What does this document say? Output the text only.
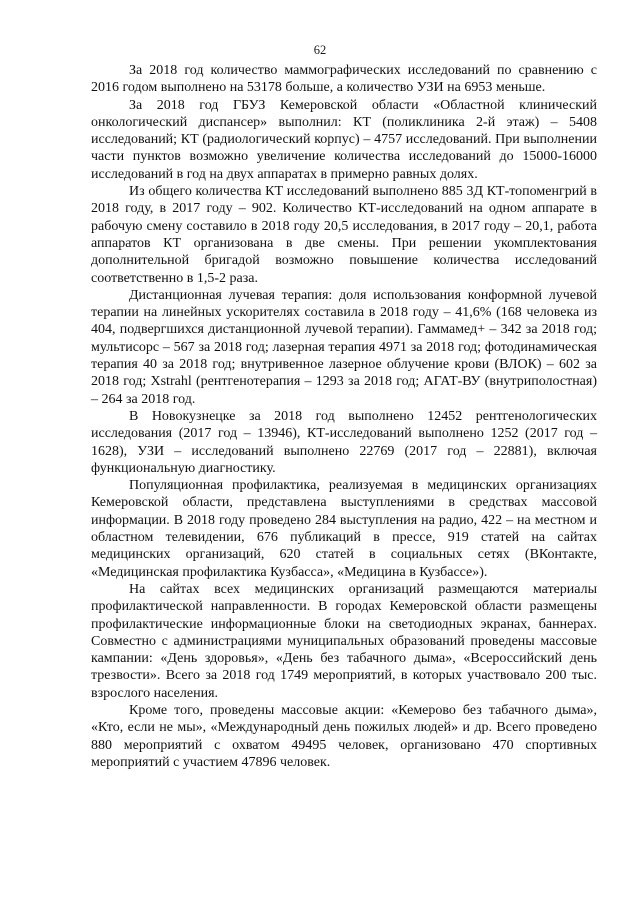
62

За 2018 год количество маммографических исследований по сравнению с 2016 годом выполнено на 53178 больше, а количество УЗИ на 6953 меньше.

За 2018 год ГБУЗ Кемеровской области «Областной клинический онкологический диспансер» выполнил: КТ (поликлиника 2-й этаж) – 5408 исследований; КТ (радиологический корпус) – 4757 исследований. При выполнении части пунктов возможно увеличение количества исследований до 15000-16000 исследований в год на двух аппаратах в примерно равных долях.

Из общего количества КТ исследований выполнено 885 3Д КТ-топоменгрий в 2018 году, в 2017 году – 902. Количество КТ-исследований на одном аппарате в рабочую смену составило в 2018 году 20,5 исследования, в 2017 году – 20,1, работа аппаратов КТ организована в две смены. При решении укомплектования дополнительной бригадой возможно повышение количества исследований соответственно в 1,5-2 раза.

Дистанционная лучевая терапия: доля использования конформной лучевой терапии на линейных ускорителях составила в 2018 году – 41,6% (168 человека из 404, подвергшихся дистанционной лучевой терапии). Гаммамед+ – 342 за 2018 год; мультисорс – 567 за 2018 год; лазерная терапия 4971 за 2018 год; фотодинамическая терапия 40 за 2018 год; внутривенное лазерное облучение крови (ВЛОК) – 602 за 2018 год; Xstrahl (рентгенотерапия – 1293 за 2018 год; АГАТ-ВУ (внутриполостная) – 264 за 2018 год.

В Новокузнецке за 2018 год выполнено 12452 рентгенологических исследования (2017 год – 13946), КТ-исследований выполнено 1252 (2017 год – 1628), УЗИ – исследований выполнено 22769 (2017 год – 22881), включая функциональную диагностику.

Популяционная профилактика, реализуемая в медицинских организациях Кемеровской области, представлена выступлениями в средствах массовой информации. В 2018 году проведено 284 выступления на радио, 422 – на местном и областном телевидении, 676 публикаций в прессе, 919 статей на сайтах медицинских организаций, 620 статей в социальных сетях (ВКонтакте, «Медицинская профилактика Кузбасса», «Медицина в Кузбассе»).

На сайтах всех медицинских организаций размещаются материалы профилактической направленности. В городах Кемеровской области размещены профилактические информационные блоки на светодиодных экранах, баннерах. Совместно с администрациями муниципальных образований проведены массовые кампании: «День здоровья», «День без табачного дыма», «Всероссийский день трезвости». Всего за 2018 год 1749 мероприятий, в которых участвовало 200 тыс. взрослого населения.

Кроме того, проведены массовые акции: «Кемерово без табачного дыма», «Кто, если не мы», «Международный день пожилых людей» и др. Всего проведено 880 мероприятий с охватом 49495 человек, организовано 470 спортивных мероприятий с участием 47896 человек.
